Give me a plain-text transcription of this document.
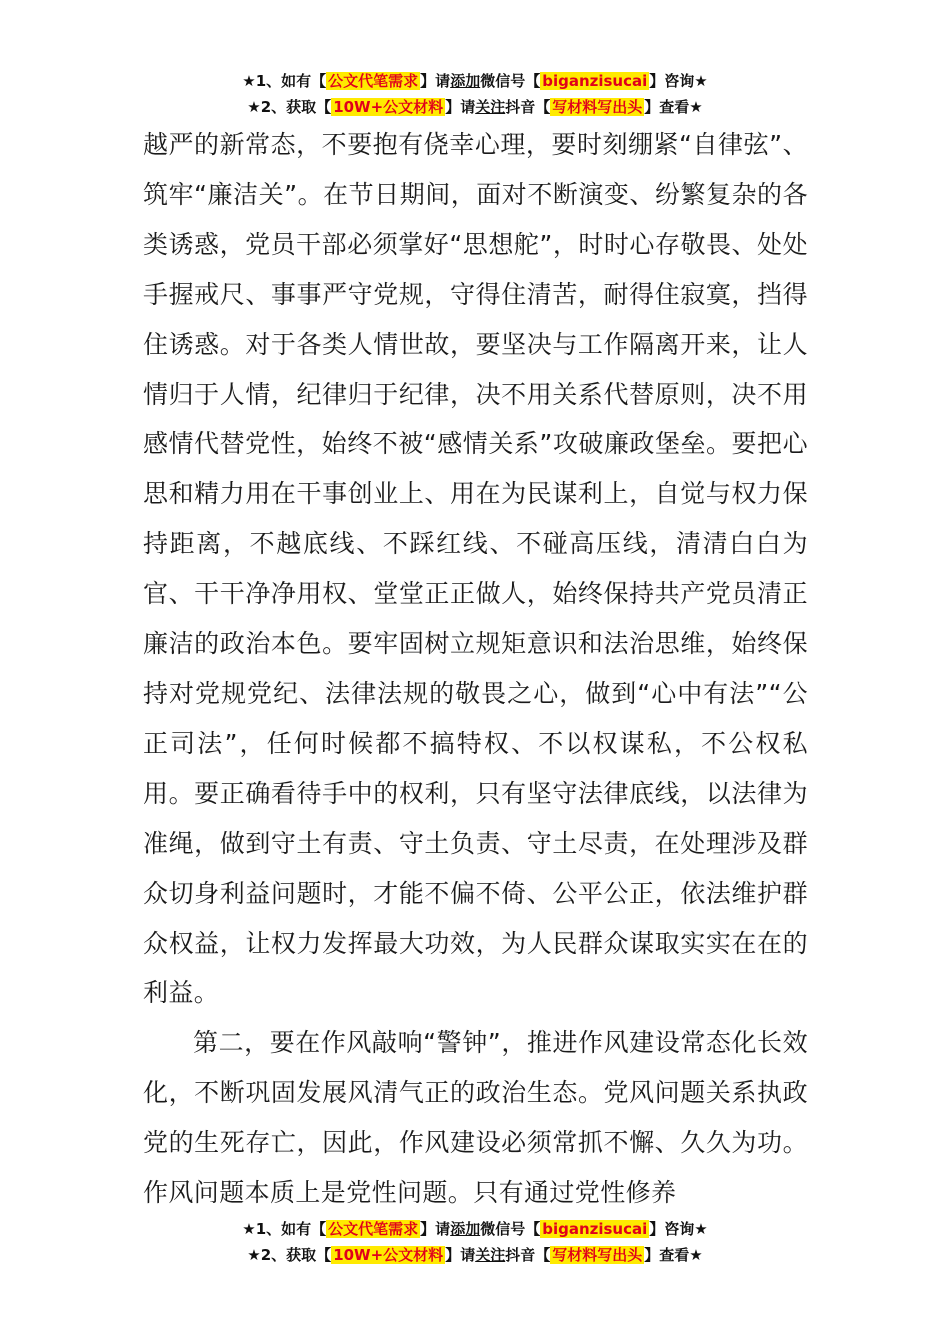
★1、如有【 公文代笔需求 】请添加微信号【 biganzisucai 】咨询★
★2、获取【 10W+公文材料 】请关注抖音【 写材料写出头 】查看★

越严的新常态，不要抱有侥幸心理，要时刻绷紧“自律弦”、筑牢“廉洁关”。在节日期间，面对不断演变、纷繁复杂的各类诱惑，党员干部必须掌好“思想舵”，时时心存敬畏、处处手握戒尺、事事严守党规，守得住清苦，耐得住寂寞，挡得住诱惑。对于各类人情世故，要坚决与工作隔离开来，让人情归于人情，纪律归于纪律，决不用关系代替原则，决不用感情代替党性，始终不被“感情关系”攻破廉政堡垒。要把心思和精力用在干事创业上、用在为民谋利上，自觉与权力保持距离，不越底线、不踩红线、不碰高压线，清清白白为官、干干净净用权、堂堂正正做人，始终保持共产党员清正廉洁的政治本色。要牢固树立规矩意识和法治思维，始终保持对党规党纪、法律法规的敬畏之心，做到“心中有法”“公正司法”，任何时候都不搞特权、不以权谋私，不公权私用。要正确看待手中的权利，只有坚守法律底线，以法律为准绳，做到守土有责、守土负责、守土尽责，在处理涉及群众切身利益问题时，才能不偏不倚、公平公正，依法维护群众权益，让权力发挥最大功效，为人民群众谋取实实在在的利益。

第二，要在作风敲响“警钟”，推进作风建设常态化长效化，不断巩固发展风清气正的政治生态。党风问题关系执政党的生死存亡，因此，作风建设必须常抓不懈、久久为功。作风问题本质上是党性问题。只有通过党性修养

★1、如有【 公文代笔需求 】请添加微信号【 biganzisucai 】咨询★
★2、获取【 10W+公文材料 】请关注抖音【 写材料写出头 】查看★
